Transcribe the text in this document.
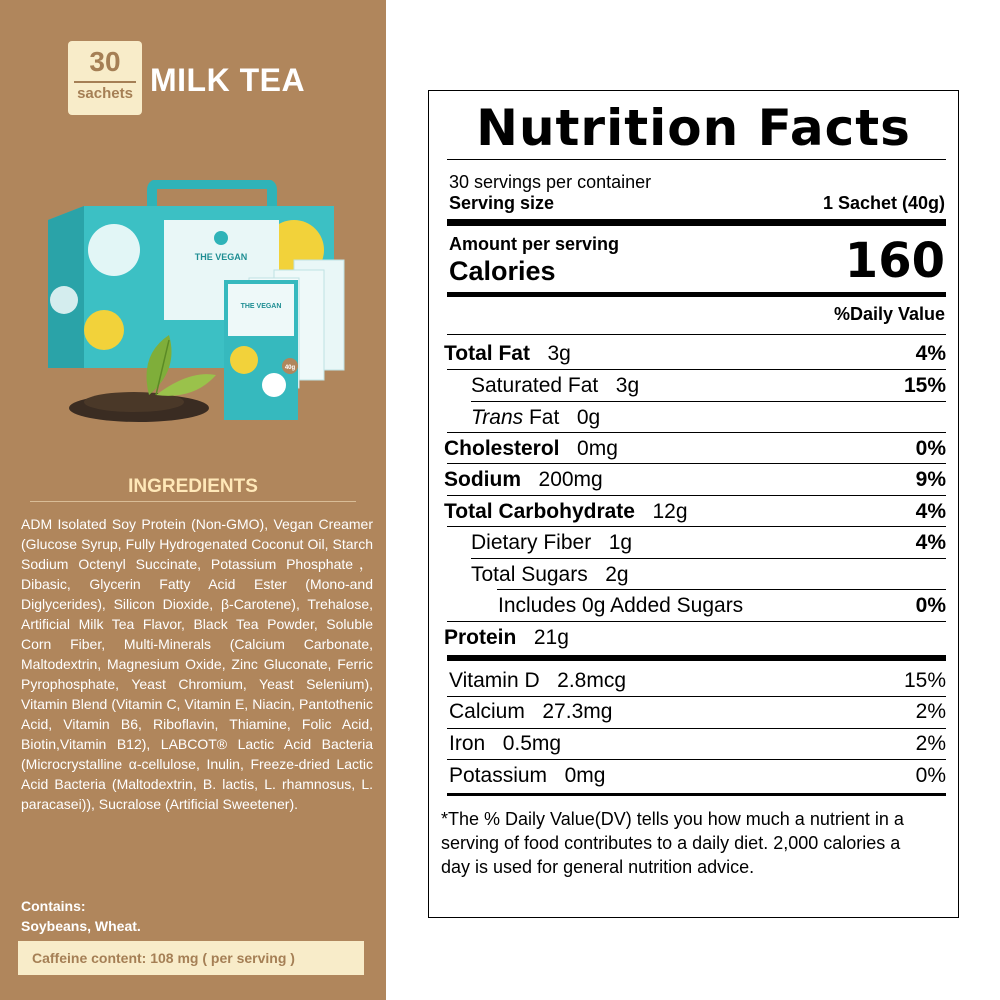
30
sachets MILK TEA
THE VEGAN
THE VEGAN
40g
INGREDIENTS
ADM Isolated Soy Protein (Non-GMO), Vegan Creamer (Glucose Syrup, Fully Hydrogenated Coconut Oil, Starch Sodium Octenyl Succinate, Potassium Phosphate，Dibasic, Glycerin Fatty Acid Ester (Mono-and Diglycerides), Silicon Dioxide, β-Carotene), Trehalose, Artificial Milk Tea Flavor, Black Tea Powder, Soluble Corn Fiber, Multi-Minerals (Calcium Carbonate, Maltodextrin, Magnesium Oxide, Zinc Gluconate, Ferric Pyrophosphate, Yeast Chromium, Yeast Selenium), Vitamin Blend (Vitamin C, Vitamin E, Niacin, Pantothenic Acid, Vitamin B6, Riboflavin, Thiamine, Folic Acid, Biotin,Vitamin B12), LABCOT® Lactic Acid Bacteria (Microcrystalline α-cellulose, Inulin, Freeze-dried Lactic Acid Bacteria (Maltodextrin, B. lactis, L. rhamnosus, L. paracasei)), Sucralose (Artificial Sweetener).
Contains:
Soybeans, Wheat.
Caffeine content: 108 mg ( per serving )
Nutrition Facts
30 servings per container
Serving size	1 Sachet (40g)
Amount per serving
Calories	160
%Daily Value
Total Fat 3g	4%
Saturated Fat 3g	15%
Trans Fat 0g
Cholesterol 0mg	0%
Sodium 200mg	9%
Total Carbohydrate 12g	4%
Dietary Fiber 1g	4%
Total Sugars 2g
Includes 0g Added Sugars	0%
Protein 21g
Vitamin D 2.8mcg	15%
Calcium 27.3mg	2%
Iron 0.5mg	2%
Potassium 0mg	0%
*The % Daily Value(DV) tells you how much a nutrient in a serving of food contributes to a daily diet. 2,000 calories a day is used for general nutrition advice.
